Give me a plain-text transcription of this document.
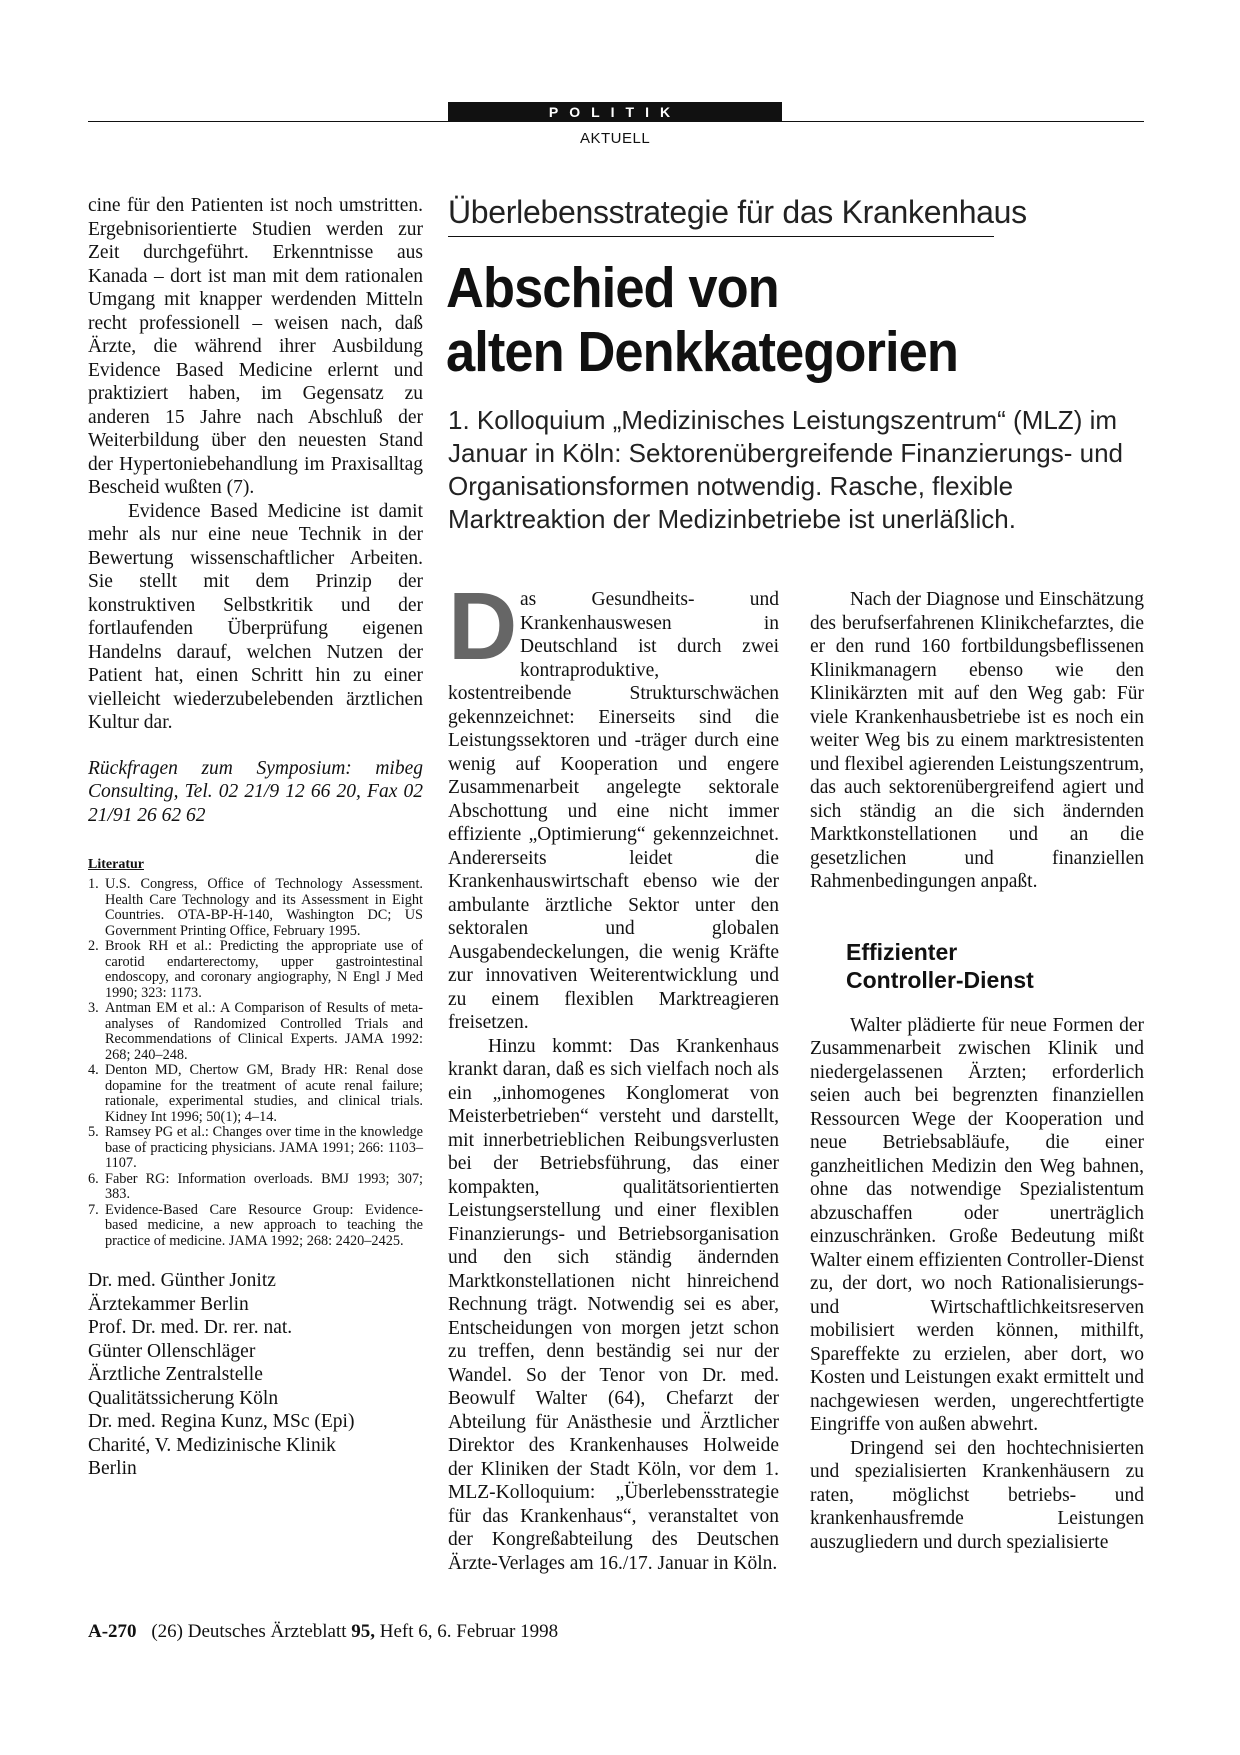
POLITIK
AKTUELL

cine für den Patienten ist noch umstritten. Ergebnisorientierte Studien werden zur Zeit durchgeführt. Erkenntnisse aus Kanada – dort ist man mit dem rationalen Umgang mit knapper werdenden Mitteln recht professionell – weisen nach, daß Ärzte, die während ihrer Ausbildung Evidence Based Medicine erlernt und praktiziert haben, im Gegensatz zu anderen 15 Jahre nach Abschluß der Weiterbildung über den neuesten Stand der Hypertoniebehandlung im Praxisalltag Bescheid wußten (7).

Evidence Based Medicine ist damit mehr als nur eine neue Technik in der Bewertung wissenschaftlicher Arbeiten. Sie stellt mit dem Prinzip der konstruktiven Selbstkritik und der fortlaufenden Überprüfung eigenen Handelns darauf, welchen Nutzen der Patient hat, einen Schritt hin zu einer vielleicht wiederzubelebenden ärztlichen Kultur dar.

Rückfragen zum Symposium: mibeg Consulting, Tel. 02 21/9 12 66 20, Fax 02 21/91 26 62 62

Literatur
1. U.S. Congress, Office of Technology Assessment. Health Care Technology and its Assessment in Eight Countries. OTA-BP-H-140, Washington DC; US Government Printing Office, February 1995.
2. Brook RH et al.: Predicting the appropriate use of carotid endarterectomy, upper gastrointestinal endoscopy, and coronary angiography, N Engl J Med 1990; 323: 1173.
3. Antman EM et al.: A Comparison of Results of meta-analyses of Randomized Controlled Trials and Recommendations of Clinical Experts. JAMA 1992: 268; 240–248.
4. Denton MD, Chertow GM, Brady HR: Renal dose dopamine for the treatment of acute renal failure; rationale, experimental studies, and clinical trials. Kidney Int 1996; 50(1); 4–14.
5. Ramsey PG et al.: Changes over time in the knowledge base of practicing physicians. JAMA 1991; 266: 1103–1107.
6. Faber RG: Information overloads. BMJ 1993; 307; 383.
7. Evidence-Based Care Resource Group: Evidence-based medicine, a new approach to teaching the practice of medicine. JAMA 1992; 268: 2420–2425.
Dr. med. Günther Jonitz
Ärztekammer Berlin
Prof. Dr. med. Dr. rer. nat.
Günter Ollenschläger
Ärztliche Zentralstelle
Qualitätssicherung Köln
Dr. med. Regina Kunz, MSc (Epi)
Charité, V. Medizinische Klinik
Berlin
Überlebensstrategie für das Krankenhaus
Abschied von
alten Denkkategorien
1. Kolloquium „Medizinisches Leistungszentrum“ (MLZ) im Januar in Köln: Sektorenübergreifende Finanzierungs- und Organisationsformen notwendig. Rasche, flexible Marktreaktion der Medizinbetriebe ist unerläßlich.

Das Gesundheits- und Krankenhauswesen in Deutschland ist durch zwei kontraproduktive, kostentreibende Strukturschwächen gekennzeichnet: Einerseits sind die Leistungssektoren und -träger durch eine wenig auf Kooperation und engere Zusammenarbeit angelegte sektorale Abschottung und eine nicht immer effiziente „Optimierung“ gekennzeichnet. Andererseits leidet die Krankenhauswirtschaft ebenso wie der ambulante ärztliche Sektor unter den sektoralen und globalen Ausgabendeckelungen, die wenig Kräfte zur innovativen Weiterentwicklung und zu einem flexiblen Marktreagieren freisetzen.

Hinzu kommt: Das Krankenhaus krankt daran, daß es sich vielfach noch als ein „inhomogenes Konglomerat von Meisterbetrieben“ versteht und darstellt, mit innerbetrieblichen Reibungsverlusten bei der Betriebsführung, das einer kompakten, qualitätsorientierten Leistungserstellung und einer flexiblen Finanzierungs- und Betriebsorganisation und den sich ständig ändernden Marktkonstellationen nicht hinreichend Rechnung trägt. Notwendig sei es aber, Entscheidungen von morgen jetzt schon zu treffen, denn beständig sei nur der Wandel. So der Tenor von Dr. med. Beowulf Walter (64), Chefarzt der Abteilung für Anästhesie und Ärztlicher Direktor des Krankenhauses Holweide der Kliniken der Stadt Köln, vor dem 1. MLZ-Kolloquium: „Überlebensstrategie für das Krankenhaus“, veranstaltet von der Kongreßabteilung des Deutschen Ärzte-Verlages am 16./17. Januar in Köln.

Nach der Diagnose und Einschätzung des berufserfahrenen Klinikchefarztes, die er den rund 160 fortbildungsbeflissenen Klinikmanagern ebenso wie den Klinikärzten mit auf den Weg gab: Für viele Krankenhausbetriebe ist es noch ein weiter Weg bis zu einem marktresistenten und flexibel agierenden Leistungszentrum, das auch sektorenübergreifend agiert und sich ständig an die sich ändernden Marktkonstellationen und an die gesetzlichen und finanziellen Rahmenbedingungen anpaßt.

Effizienter
Controller-Dienst

Walter plädierte für neue Formen der Zusammenarbeit zwischen Klinik und niedergelassenen Ärzten; erforderlich seien auch bei begrenzten finanziellen Ressourcen Wege der Kooperation und neue Betriebsabläufe, die einer ganzheitlichen Medizin den Weg bahnen, ohne das notwendige Spezialistentum abzuschaffen oder unerträglich einzuschränken. Große Bedeutung mißt Walter einem effizienten Controller-Dienst zu, der dort, wo noch Rationalisierungs- und Wirtschaftlichkeitsreserven mobilisiert werden können, mithilft, Spareffekte zu erzielen, aber dort, wo Kosten und Leistungen exakt ermittelt und nachgewiesen werden, ungerechtfertigte Eingriffe von außen abwehrt.

Dringend sei den hochtechnisierten und spezialisierten Krankenhäusern zu raten, möglichst betriebs- und krankenhausfremde Leistungen auszugliedern und durch spezialisierte

A-270 (26) Deutsches Ärzteblatt 95, Heft 6, 6. Februar 1998
